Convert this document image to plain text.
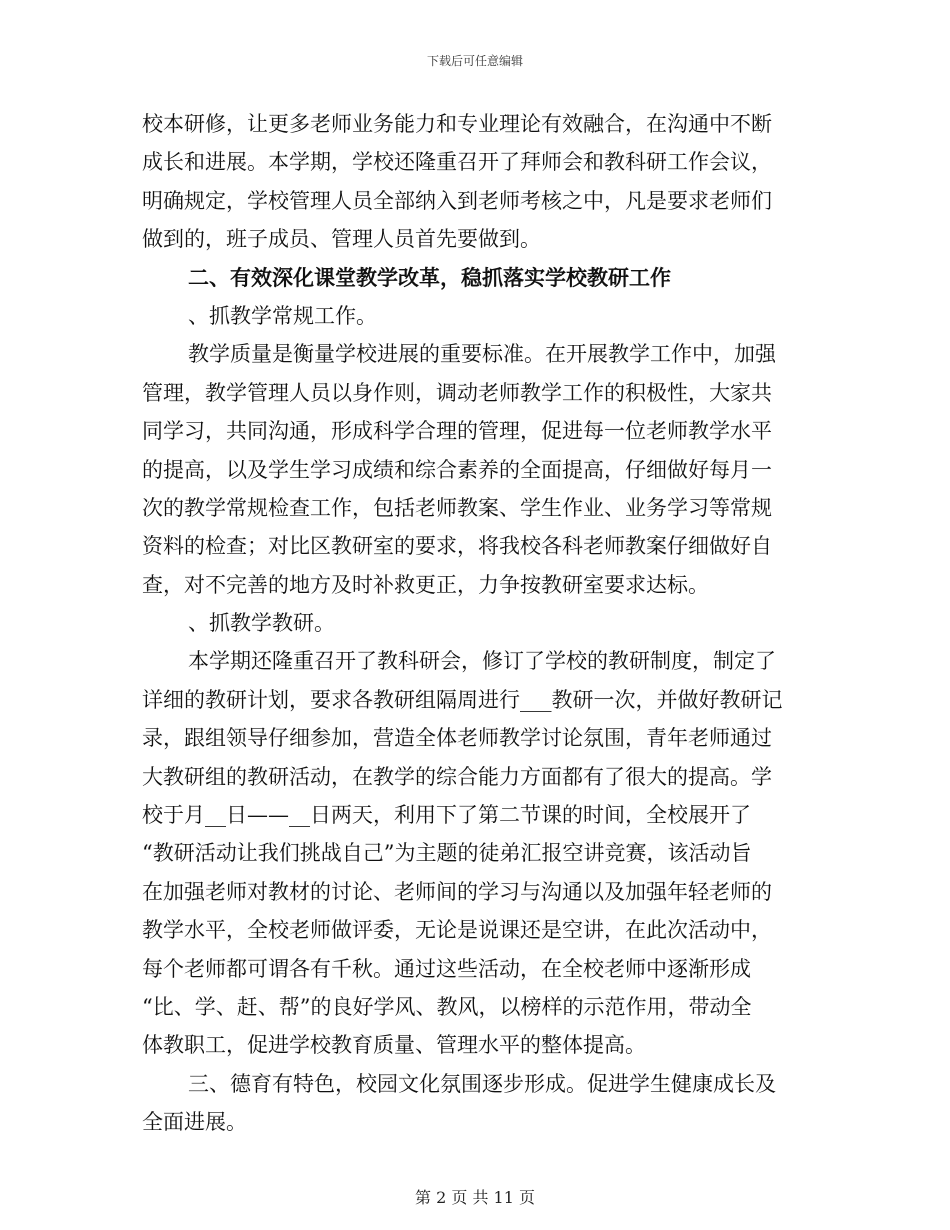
下载后可任意编辑
校本研修，让更多老师业务能力和专业理论有效融合，在沟通中不断
成长和进展。本学期，学校还隆重召开了拜师会和教科研工作会议，
明确规定，学校管理人员全部纳入到老师考核之中，凡是要求老师们
做到的，班子成员、管理人员首先要做到。
二、有效深化课堂教学改革，稳抓落实学校教研工作
、抓教学常规工作。
教学质量是衡量学校进展的重要标准。在开展教学工作中，加强
管理，教学管理人员以身作则，调动老师教学工作的积极性，大家共
同学习，共同沟通，形成科学合理的管理，促进每一位老师教学水平
的提高，以及学生学习成绩和综合素养的全面提高，仔细做好每月一
次的教学常规检查工作，包括老师教案、学生作业、业务学习等常规
资料的检查；对比区教研室的要求，将我校各科老师教案仔细做好自
查，对不完善的地方及时补救更正，力争按教研室要求达标。
、抓教学教研。
本学期还隆重召开了教科研会，修订了学校的教研制度，制定了
详细的教研计划，要求各教研组隔周进行___教研一次，并做好教研记
录，跟组领导仔细参加，营造全体老师教学讨论氛围，青年老师通过
大教研组的教研活动，在教学的综合能力方面都有了很大的提高。学
校于月__日——__日两天，利用下了第二节课的时间，全校展开了
“教研活动让我们挑战自己”为主题的徒弟汇报空讲竞赛，该活动旨
在加强老师对教材的讨论、老师间的学习与沟通以及加强年轻老师的
教学水平，全校老师做评委，无论是说课还是空讲，在此次活动中，
每个老师都可谓各有千秋。通过这些活动，在全校老师中逐渐形成
“比、学、赶、帮”的良好学风、教风，以榜样的示范作用，带动全
体教职工，促进学校教育质量、管理水平的整体提高。
三、德育有特色，校园文化氛围逐步形成。促进学生健康成长及
全面进展。
第 2 页 共 11 页
